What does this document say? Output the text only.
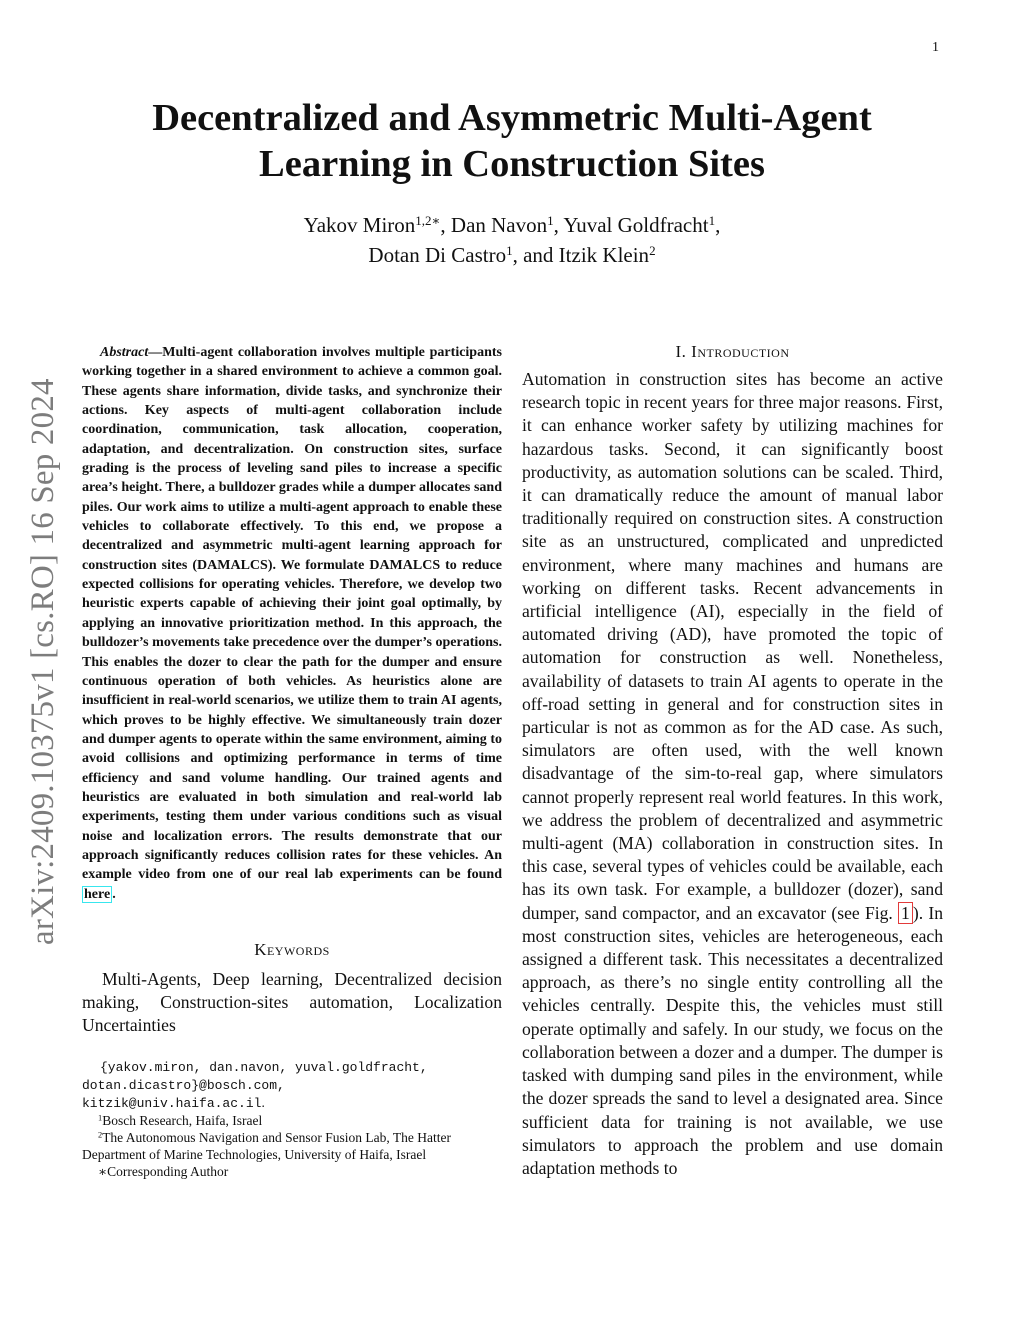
1
arXiv:2409.10375v1 [cs.RO] 16 Sep 2024
Decentralized and Asymmetric Multi-Agent
Learning in Construction Sites
Yakov Miron$^{1,2∗}$, Dan Navon$^1$, Yuval Goldfracht$^1$,
Dotan Di Castro$^1$, and Itzik Klein$^2$

Abstract—Multi-agent collaboration involves multiple participants working together in a shared environment to achieve a common goal. These agents share information, divide tasks, and synchronize their actions. Key aspects of multi-agent collaboration include coordination, communication, task allocation, cooperation, adaptation, and decentralization. On construction sites, surface grading is the process of leveling sand piles to increase a specific area’s height. There, a bulldozer grades while a dumper allocates sand piles. Our work aims to utilize a multi-agent approach to enable these vehicles to collaborate effectively. To this end, we propose a decentralized and asymmetric multi-agent learning approach for construction sites (DAMALCS). We formulate DAMALCS to reduce expected collisions for operating vehicles. Therefore, we develop two heuristic experts capable of achieving their joint goal optimally, by applying an innovative prioritization method. In this approach, the bulldozer’s movements take precedence over the dumper’s operations. This enables the dozer to clear the path for the dumper and ensure continuous operation of both vehicles. As heuristics alone are insufficient in real-world scenarios, we utilize them to train AI agents, which proves to be highly effective. We simultaneously train dozer and dumper agents to operate within the same environment, aiming to avoid collisions and optimizing performance in terms of time efficiency and sand volume handling. Our trained agents and heuristics are evaluated in both simulation and real-world lab experiments, testing them under various conditions such as visual noise and localization errors. The results demonstrate that our approach significantly reduces collision rates for these vehicles. An example video from one of our real lab experiments can be found here .

Keywords

Multi-Agents, Deep learning, Decentralized decision making, Construction-sites automation, Localization Uncertainties

{yakov.miron, dan.navon, yuval.goldfracht,
dotan.dicastro}@bosch.com,
kitzik@univ.haifa.ac.il.
$^1$Bosch Research, Haifa, Israel
$^2$The Autonomous Navigation and Sensor Fusion Lab, The Hatter
Department of Marine Technologies, University of Haifa, Israel
∗Corresponding Author
I. Introduction

Automation in construction sites has become an active research topic in recent years for three major reasons. First, it can enhance worker safety by utilizing machines for hazardous tasks. Second, it can significantly boost productivity, as automation solutions can be scaled. Third, it can dramatically reduce the amount of manual labor traditionally required on construction sites. A construction site as an unstructured, complicated and unpredicted environment, where many machines and humans are working on different tasks. Recent advancements in artificial intelligence (AI), especially in the field of automated driving (AD), have promoted the topic of automation for construction as well. Nonetheless, availability of datasets to train AI agents to operate in the off-road setting in general and for construction sites in particular is not as common as for the AD case. As such, simulators are often used, with the well known disadvantage of the sim-to-real gap, where simulators cannot properly represent real world features. In this work, we address the problem of decentralized and asymmetric multi-agent (MA) collaboration in construction sites. In this case, several types of vehicles could be available, each has its own task. For example, a bulldozer (dozer), sand dumper, sand compactor, and an excavator (see Fig. 1 ). In most construction sites, vehicles are heterogeneous, each assigned a different task. This necessitates a decentralized approach, as there’s no single entity controlling all the vehicles centrally. Despite this, the vehicles must still operate optimally and safely. In our study, we focus on the collaboration between a dozer and a dumper. The dumper is tasked with dumping sand piles in the environment, while the dozer spreads the sand to level a designated area. Since sufficient data for training is not available, we use simulators to approach the problem and use domain adaptation methods to
